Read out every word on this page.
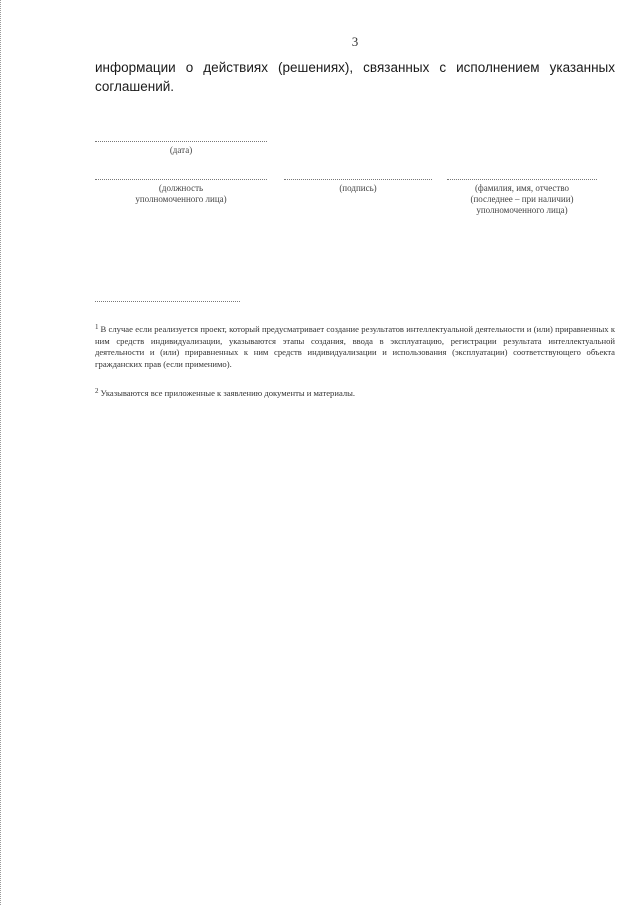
3
информации о действиях (решениях), связанных с исполнением указанных соглашений.
(дата)
(должность
уполномоченного лица)
(подпись)	(фамилия, имя, отчество
(последнее – при наличии)
уполномоченного лица)
$^1$ В случае если реализуется проект, который предусматривает создание результатов интеллектуальной деятельности и (или) приравненных к ним средств индивидуализации, указываются этапы создания, ввода в эксплуатацию, регистрации результата интеллектуальной деятельности и (или) приравненных к ним средств индивидуализации и использования (эксплуатации) соответствующего объекта гражданских прав (если применимо).
$^2$ Указываются все приложенные к заявлению документы и материалы.
